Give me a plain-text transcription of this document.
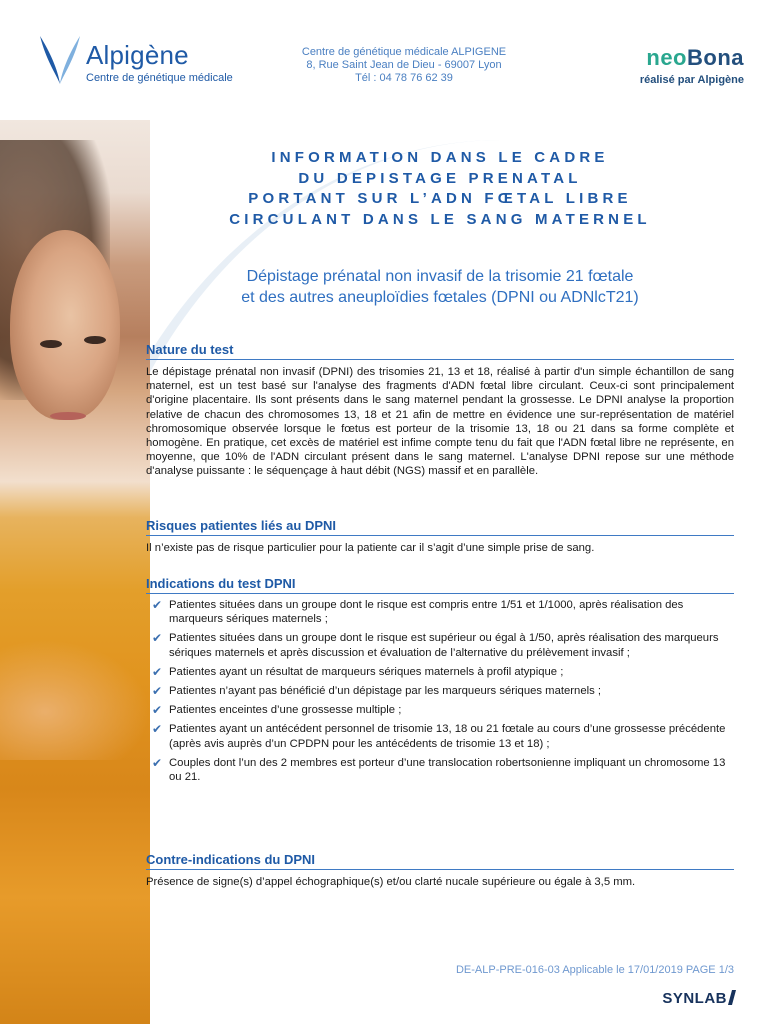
Alpigène
Centre de génétique médicale
Centre de génétique médicale ALPIGENE
8, Rue Saint Jean de Dieu - 69007 Lyon
Tél : 04 78 76 62 39
neoBona
réalisé par Alpigène
INFORMATION DANS LE CADRE
DU DEPISTAGE PRENATAL
PORTANT SUR L’ADN FŒTAL LIBRE
CIRCULANT DANS LE SANG MATERNEL
Dépistage prénatal non invasif de la trisomie 21 fœtale
et des autres aneuploïdies fœtales (DPNI ou ADNlcT21)
Nature du test
Le dépistage prénatal non invasif (DPNI) des trisomies 21, 13 et 18, réalisé à partir d'un simple échantillon de sang maternel, est un test basé sur l'analyse des fragments d'ADN fœtal libre circulant. Ceux-ci sont principalement d'origine placentaire. Ils sont présents dans le sang maternel pendant la grossesse. Le DPNI analyse la proportion relative de chacun des chromosomes 13, 18 et 21 afin de mettre en évidence une sur-représentation de matériel chromosomique observée lorsque le fœtus est porteur de la trisomie 13, 18 ou 21 dans sa forme complète et homogène. En pratique, cet excès de matériel est infime compte tenu du fait que l'ADN fœtal libre ne représente, en moyenne, que 10% de l'ADN circulant présent dans le sang maternel. L'analyse DPNI repose sur une méthode d'analyse puissante : le séquençage à haut débit (NGS) massif et en parallèle.
Risques patientes liés au DPNI
Il n’existe pas de risque particulier pour la patiente car il s’agit d’une simple prise de sang.
Indications du test DPNI
✔ Patientes situées dans un groupe dont le risque est compris entre 1/51 et 1/1000, après réalisation des marqueurs sériques maternels ;
✔ Patientes situées dans un groupe dont le risque est supérieur ou égal à 1/50, après réalisation des marqueurs sériques maternels et après discussion et évaluation de l’alternative du prélèvement invasif ;
✔ Patientes ayant un résultat de marqueurs sériques maternels à profil atypique ;
✔ Patientes n’ayant pas bénéficié d’un dépistage par les marqueurs sériques maternels ;
✔ Patientes enceintes d’une grossesse multiple ;
✔ Patientes ayant un antécédent personnel de trisomie 13, 18 ou 21 fœtale au cours d’une grossesse précédente (après avis auprès d’un CPDPN pour les antécédents de trisomie 13 et 18) ;
✔ Couples dont l’un des 2 membres est porteur d’une translocation robertsonienne impliquant un chromosome 13 ou 21.
Contre-indications du DPNI
Présence de signe(s) d’appel échographique(s) et/ou clarté nucale supérieure ou égale à 3,5 mm.
DE-ALP-PRE-016-03 Applicable le 17/01/2019 PAGE 1/3
SYNLAB
